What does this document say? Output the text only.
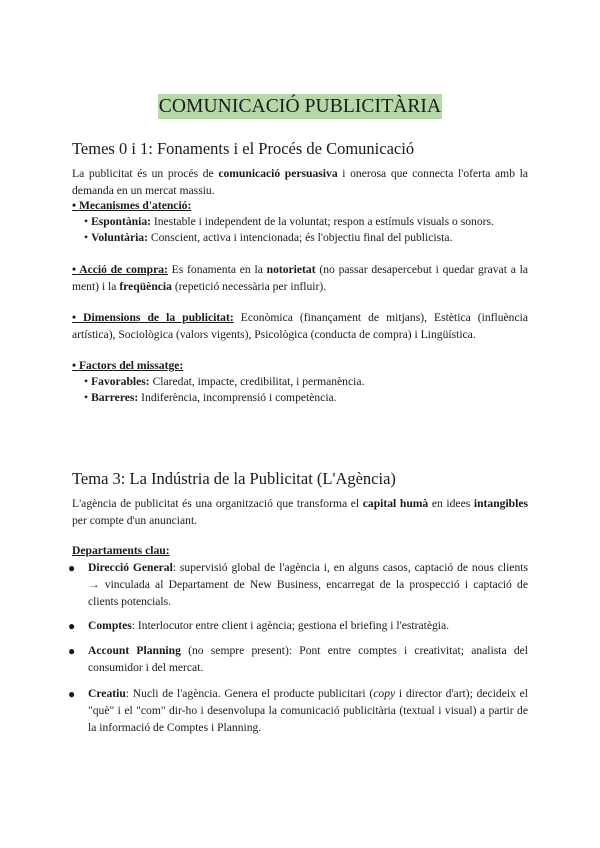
COMUNICACIÓ PUBLICITÀRIA
Temes 0 i 1: Fonaments i el Procés de Comunicació

La publicitat és un procés de comunicació persuasiva i onerosa que connecta l'oferta amb la demanda en un mercat massiu.

• Mecanismes d'atenció:
• Espontània: Inestable i independent de la voluntat; respon a estímuls visuals o sonors.
• Voluntària: Conscient, activa i intencionada; és l'objectiu final del publicista.

• Acció de compra: Es fonamenta en la notorietat (no passar desapercebut i quedar gravat a la ment) i la freqüència (repetició necessària per influir).

• Dimensions de la publicitat: Econòmica (finançament de mitjans), Estètica (influència artística), Sociològica (valors vigents), Psicològica (conducta de compra) i Lingüística.

• Factors del missatge:
• Favorables: Claredat, impacte, credibilitat, i permanència.
• Barreres: Indiferència, incomprensió i competència.
Tema 3: La Indústria de la Publicitat (L'Agència)

L'agència de publicitat és una organització que transforma el capital humà en idees intangibles per compte d'un anunciant.

Departaments clau:
● Direcció General: supervisió global de l'agència i, en alguns casos, captació de nous clients → vinculada al Departament de New Business, encarregat de la prospecció i captació de clients potencials.
● Comptes: Interlocutor entre client i agència; gestiona el briefing i l'estratègia.
● Account Planning (no sempre present): Pont entre comptes i creativitat; analista del consumidor i del mercat.
● Creatiu: Nucli de l'agència. Genera el producte publicitari (copy i director d'art); decideix el "què" i el "com" dir-ho i desenvolupa la comunicació publicitària (textual i visual) a partir de la informació de Comptes i Planning.
